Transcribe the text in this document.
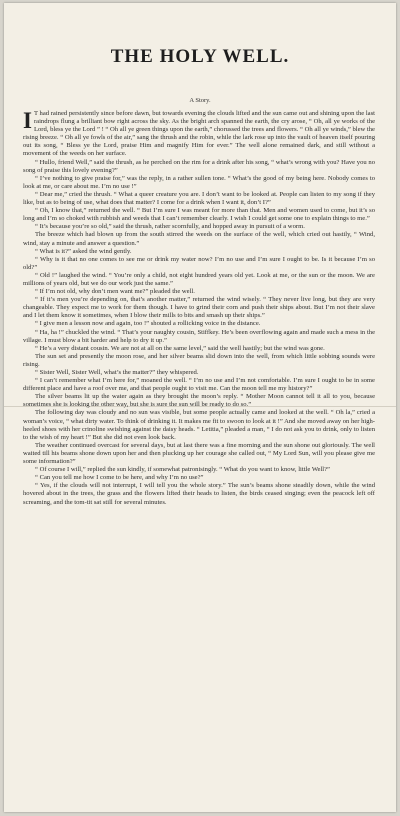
THE HOLY WELL.
A Story.

I T had rained persistently since before dawn, but towards evening the clouds lifted and the sun came out and shining upon the last raindrops flung a brilliant bow right across the sky. As the bright arch spanned the earth, the cry arose, “ Oh, all ye works of the Lord, bless ye the Lord ” ! “ Oh all ye green things upon the earth,” chorussed the trees and flowers. “ Oh all ye winds,” blew the rising breeze. “ Oh all ye fowls of the air,” sang the thrush and the robin, while the lark rose up into the vault of heaven itself pouring out its song, “ Bless ye the Lord, praise Him and magnify Him for ever.” The well alone remained dark, and still without a movement of the weeds on her surface.

“ Hullo, friend Well,” said the thrush, as he perched on the rim for a drink after his song, “ what’s wrong with you? Have you no song of praise this lovely evening?”

“ I’ve nothing to give praise for,” was the reply, in a rather sullen tone. “ What’s the good of my being here. Nobody comes to look at me, or care about me. I’m no use !”

“ Dear me,” cried the thrush. “ What a queer creature you are. I don’t want to be looked at. People can listen to my song if they like, but as to being of use, what does that matter? I come for a drink when I want it, don’t I?”

“ Oh, I know that,” returned the well. “ But I’m sure I was meant for more than that. Men and women used to come, but it’s so long and I’m so choked with rubbish and weeds that I can’t remember clearly. I wish I could get some one to explain things to me.”

“ It’s because you’re so old,” said the thrush, rather scornfully, and hopped away in pursuit of a worm.

The breeze which had blown up from the south stirred the weeds on the surface of the well, which cried out hastily, “ Wind, wind, stay a minute and answer a question.”

“ What is it?” asked the wind gently.

“ Why is it that no one comes to see me or drink my water now? I’m no use and I’m sure I ought to be. Is it because I’m so old?”

“ Old !” laughed the wind. “ You’re only a child, not eight hundred years old yet. Look at me, or the sun or the moon. We are millions of years old, but we do our work just the same.”

“ If I’m not old, why don’t men want me?” pleaded the well.

“ If it’s men you’re depending on, that’s another matter,” returned the wind wisely. “ They never live long, but they are very changeable. They expect me to work for them though. I have to grind their corn and push their ships about. But I’m not their slave and I let them know it sometimes, when I blow their mills to bits and smash up their ships.”

“ I give men a lesson now and again, too !” shouted a rollicking voice in the distance.

“ Ha, ha !” chuckled the wind. “ That’s your naughty cousin, Stiffkey. He’s been overflowing again and made such a mess in the village. I must blow a bit harder and help to dry it up.”

“ He’s a very distant cousin. We are not at all on the same level,” said the well hastily; but the wind was gone.

The sun set and presently the moon rose, and her silver beams slid down into the well, from which little sobbing sounds were rising.

“ Sister Well, Sister Well, what’s the matter?” they whispered.

“ I can’t remember what I’m here for,” moaned the well. “ I’m no use and I’m not comfortable. I’m sure I ought to be in some different place and have a roof over me, and that people ought to visit me. Can the moon tell me my history?”

The silver beams lit up the water again as they brought the moon’s reply. “ Mother Moon cannot tell it all to you, because sometimes she is looking the other way, but she is sure the sun will be ready to do so.”

The following day was cloudy and no sun was visible, but some people actually came and looked at the well. “ Oh la,” cried a woman’s voice, “ what dirty water. To think of drinking it. It makes me fit to swoon to look at it !” And she moved away on her high-heeled shoes with her crinoline swishing against the daisy heads. “ Letitia,” pleaded a man, “ I do not ask you to drink, only to listen to the wish of my heart !” But she did not even look back.

The weather continued overcast for several days, but at last there was a fine morning and the sun shone out gloriously. The well waited till his beams shone down upon her and then plucking up her courage she called out, “ My Lord Sun, will you please give me some information?”

“ Of course I will,” replied the sun kindly, if somewhat patronisingly. “ What do you want to know, little Well?”

“ Can you tell me how I come to be here, and why I’m no use?”

“ Yes, if the clouds will not interrupt, I will tell you the whole story.” The sun’s beams shone steadily down, while the wind hovered about in the trees, the grass and the flowers lifted their heads to listen, the birds ceased singing; even the peacock left off screaming, and the tom-tit sat still for several minutes.
